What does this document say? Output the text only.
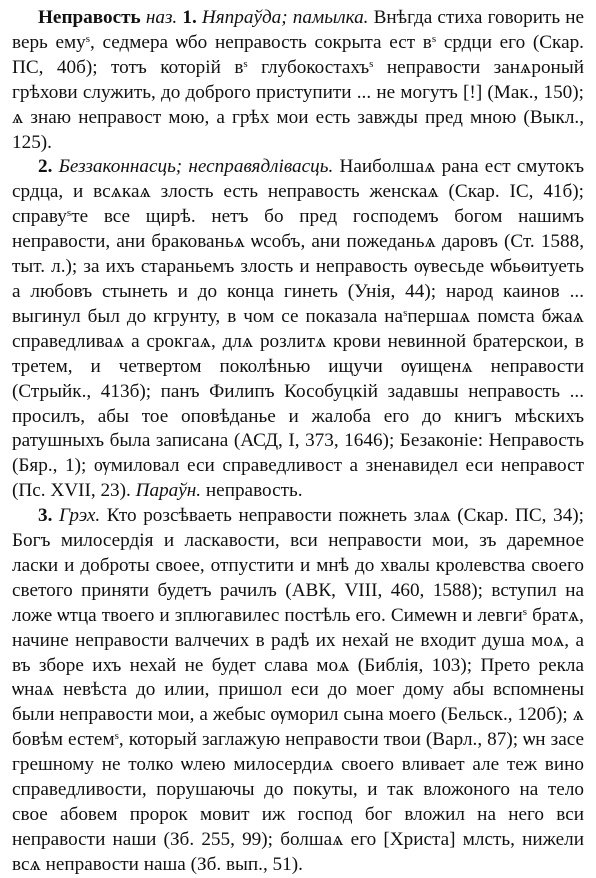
Неправость наз. 1. Няпраўда; памылка. Внѣгда стиха говорить не верь ему$^s$, седмера ѡбо неправость сокрыта ест $в^s$ срдци его (Скар. ПС, 40б); тотъ которій $в^s$ глубокостахъ$^s$ неправости занѧроный грѣхови служить, до доброго приступити ... не могутъ [!] (Мак., 150); ѧ знаю неправост мою, а грѣх мои есть завжды пред мною (Выкл., 125).

2. Беззаконнасць; несправядлівасць. Наиболшаѧ рана ест смутокъ срдца, и всѧкаѧ злость есть неправость женскаѧ (Скар. ІС, 41б); справу$^s$те все щирѣ. нетъ бо пред господемъ богом нашимъ неправости, ани бракованьѧ ѡсобъ, ани пожеданьѧ даровъ (Ст. 1588, тыт. л.); за ихъ стараньемъ злость и неправость ѹвесьде ѡбьѳитуеть а любовъ стынеть и до конца гинеть (Унія, 44); народ каинов ... выгинул был до кгрунту, в чом се показала $на^sпершаѧ$ помста бжаѧ справедливаѧ а срокгаѧ, длѧ розлитѧ крови невинной братерскои, в третем, и четвертом поколѣнью ищучи ѹищенѧ неправости (Стрыйк., 413б); панъ Филипъ Кособуцкій задавшы неправость ... просилъ, абы тое оповѣданье и жалоба его до книгъ мѣскихъ ратушныхъ была записана (АСД, І, 373, 1646); Безаконіе: Неправость (Бяр., 1); ѹмиловал еси справедливост а зненавидел еси неправост (Пс. XVII, 23). Параўн. неправость.

3. Грэх. Кто розсѣваеть неправости пожнеть злаѧ (Скар. ПС, 34); Богъ милосердія и ласкавости, вси неправости мои, зъ даремное ласки и доброты своее, отпустити и мнѣ до хвалы кролевства своего светого приняти будетъ рачилъ (АВК, VIII, 460, 1588); вступил на ложе ѡтца твоего и зплюгавилес постѣль его. Симеѡн и левги$^s$ братѧ, начине неправости валчечих в радѣ их нехай не входит душа моѧ, а въ зборе ихъ нехай не будет слава моѧ (Библія, 103); Прето рекла ѡнаѧ невѣста до илии, пришол еси до моег дому абы вспомнены были неправости мои, а жебыс ѹморил сына моего (Бельск., 120б); ѧ бовѣм естем$^s$, который заглажую неправости твои (Варл., 87); ѡн засе грешному не толко ѡлею милосердиѧ своего вливает але теж вино справедливости, порушаючы до покуты, и так вложоного на тело свое абовем пророк мовит иж господ бог вложил на него вси неправости наши (Зб. 255, 99); болшаѧ его [Христа] млсть, нижели всѧ неправости наша (Зб. вып., 51).
